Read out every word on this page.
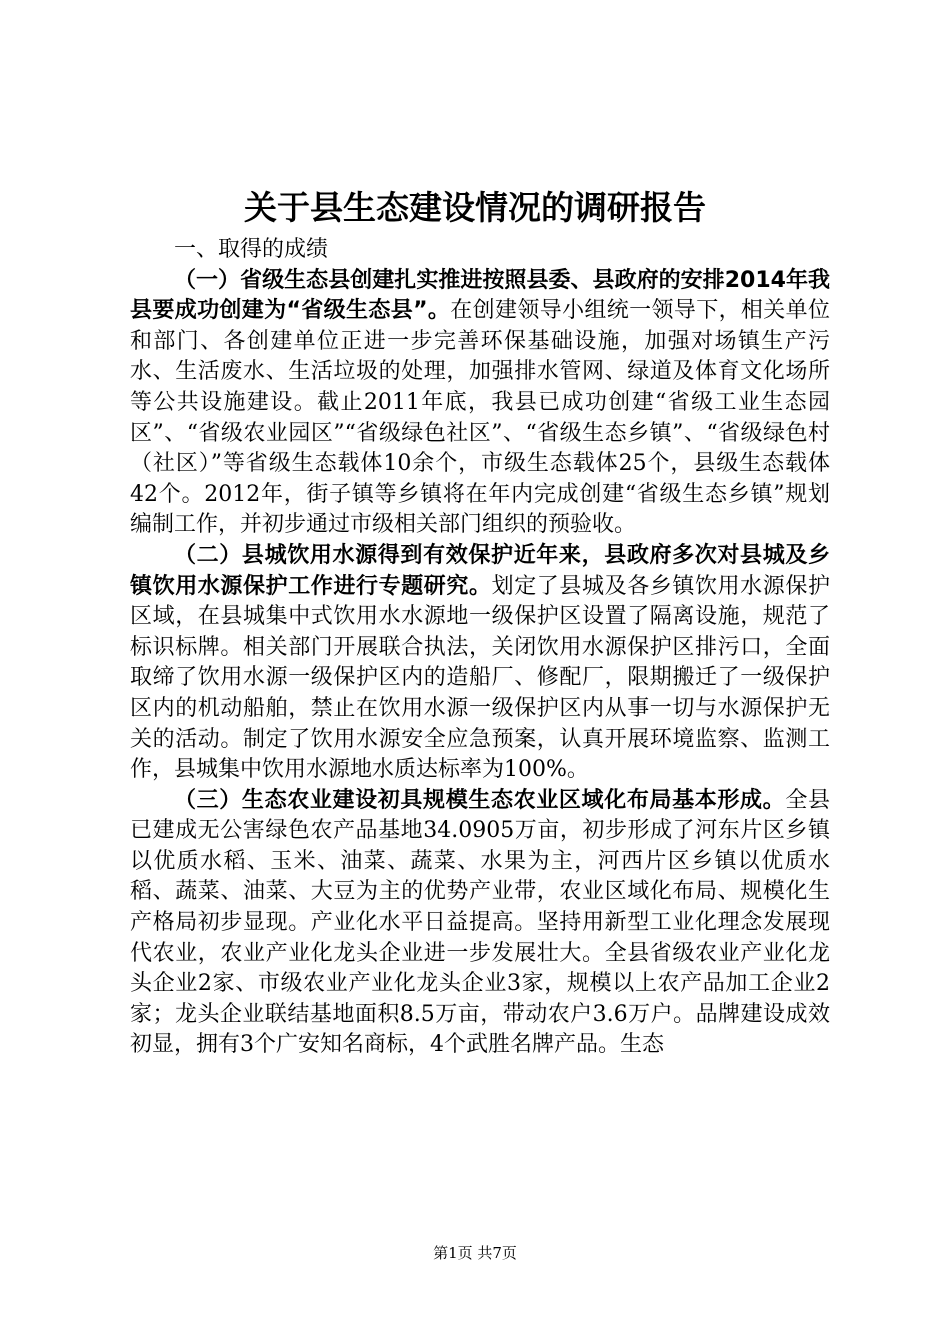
关于县生态建设情况的调研报告

一、取得的成绩

（一）省级生态县创建扎实推进按照县委、县政府的安排2014年我县要成功创建为“省级生态县”。在创建领导小组统一领导下，相关单位和部门、各创建单位正进一步完善环保基础设施，加强对场镇生产污水、生活废水、生活垃圾的处理，加强排水管网、绿道及体育文化场所等公共设施建设。截止2011年底，我县已成功创建“省级工业生态园区”、“省级农业园区”“省级绿色社区”、“省级生态乡镇”、“省级绿色村（社区）”等省级生态载体10余个，市级生态载体25个，县级生态载体42个。2012年，街子镇等乡镇将在年内完成创建“省级生态乡镇”规划编制工作，并初步通过市级相关部门组织的预验收。

（二）县城饮用水源得到有效保护近年来，县政府多次对县城及乡镇饮用水源保护工作进行专题研究。划定了县城及各乡镇饮用水源保护区域，在县城集中式饮用水水源地一级保护区设置了隔离设施，规范了标识标牌。相关部门开展联合执法，关闭饮用水源保护区排污口，全面取缔了饮用水源一级保护区内的造船厂、修配厂，限期搬迁了一级保护区内的机动船舶，禁止在饮用水源一级保护区内从事一切与水源保护无关的活动。制定了饮用水源安全应急预案，认真开展环境监察、监测工作，县城集中饮用水源地水质达标率为100%。

（三）生态农业建设初具规模生态农业区域化布局基本形成。全县已建成无公害绿色农产品基地34.0905万亩，初步形成了河东片区乡镇以优质水稻、玉米、油菜、蔬菜、水果为主，河西片区乡镇以优质水稻、蔬菜、油菜、大豆为主的优势产业带，农业区域化布局、规模化生产格局初步显现。产业化水平日益提高。坚持用新型工业化理念发展现代农业，农业产业化龙头企业进一步发展壮大。全县省级农业产业化龙头企业2家、市级农业产业化龙头企业3家，规模以上农产品加工企业2家；龙头企业联结基地面积8.5万亩，带动农户3.6万户。品牌建设成效初显，拥有3个广安知名商标，4个武胜名牌产品。生态

第1页 共7页
